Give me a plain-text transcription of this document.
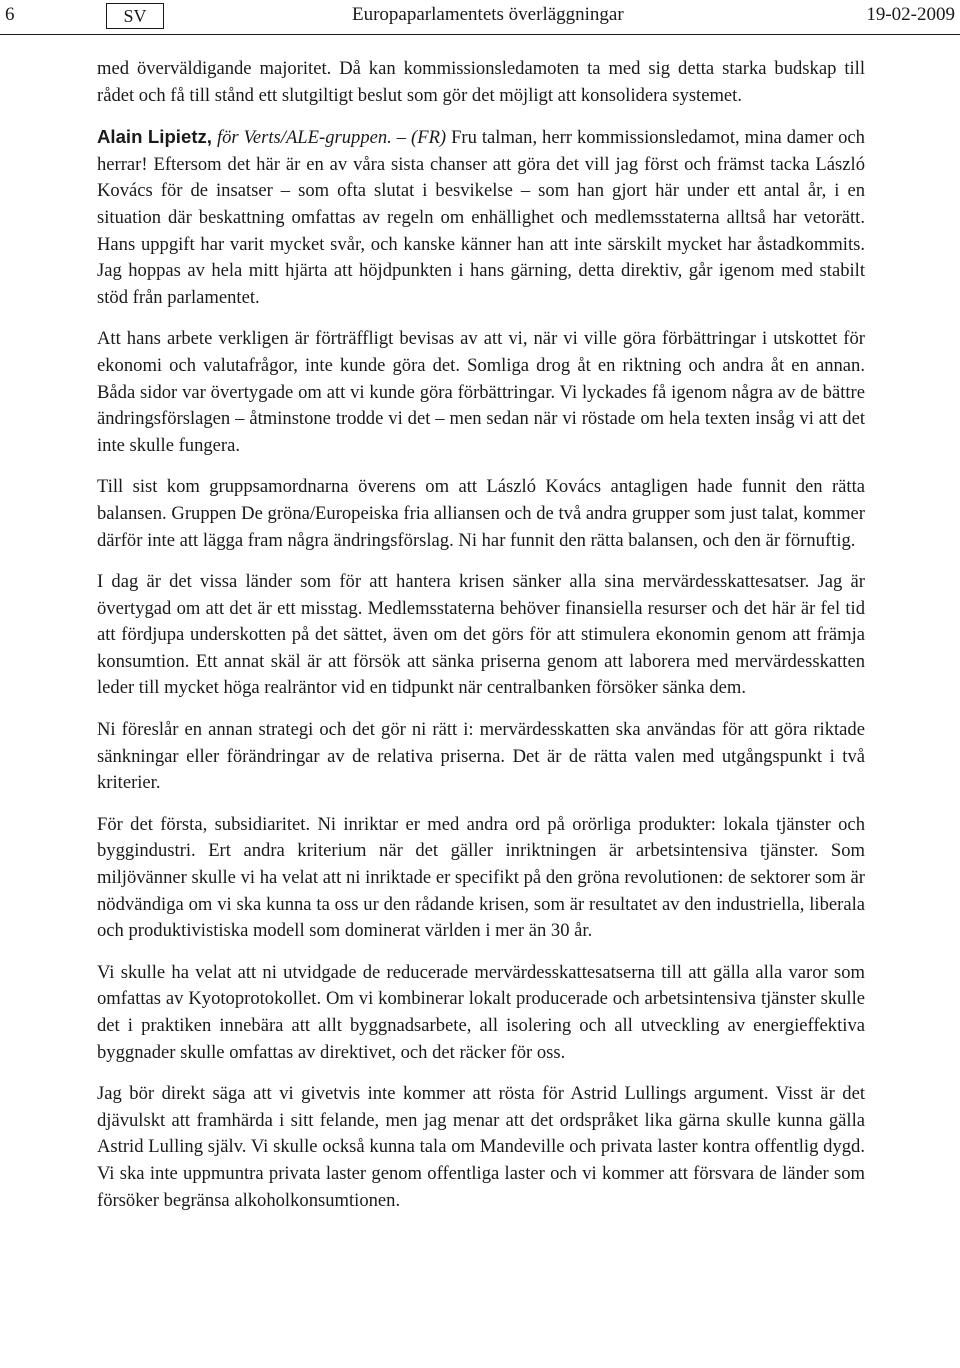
6	SV	Europaparlamentets överläggningar	19-02-2009

med överväldigande majoritet. Då kan kommissionsledamoten ta med sig detta starka budskap till rådet och få till stånd ett slutgiltigt beslut som gör det möjligt att konsolidera systemet.

Alain Lipietz, för Verts/ALE-gruppen. – (FR) Fru talman, herr kommissionsledamot, mina damer och herrar! Eftersom det här är en av våra sista chanser att göra det vill jag först och främst tacka László Kovács för de insatser – som ofta slutat i besvikelse – som han gjort här under ett antal år, i en situation där beskattning omfattas av regeln om enhällighet och medlemsstaterna alltså har vetorätt. Hans uppgift har varit mycket svår, och kanske känner han att inte särskilt mycket har åstadkommits. Jag hoppas av hela mitt hjärta att höjdpunkten i hans gärning, detta direktiv, går igenom med stabilt stöd från parlamentet.

Att hans arbete verkligen är förträffligt bevisas av att vi, när vi ville göra förbättringar i utskottet för ekonomi och valutafrågor, inte kunde göra det. Somliga drog åt en riktning och andra åt en annan. Båda sidor var övertygade om att vi kunde göra förbättringar. Vi lyckades få igenom några av de bättre ändringsförslagen – åtminstone trodde vi det – men sedan när vi röstade om hela texten insåg vi att det inte skulle fungera.

Till sist kom gruppsamordnarna överens om att László Kovács antagligen hade funnit den rätta balansen. Gruppen De gröna/Europeiska fria alliansen och de två andra grupper som just talat, kommer därför inte att lägga fram några ändringsförslag. Ni har funnit den rätta balansen, och den är förnuftig.

I dag är det vissa länder som för att hantera krisen sänker alla sina mervärdesskattesatser. Jag är övertygad om att det är ett misstag. Medlemsstaterna behöver finansiella resurser och det här är fel tid att fördjupa underskotten på det sättet, även om det görs för att stimulera ekonomin genom att främja konsumtion. Ett annat skäl är att försök att sänka priserna genom att laborera med mervärdesskatten leder till mycket höga realräntor vid en tidpunkt när centralbanken försöker sänka dem.

Ni föreslår en annan strategi och det gör ni rätt i: mervärdesskatten ska användas för att göra riktade sänkningar eller förändringar av de relativa priserna. Det är de rätta valen med utgångspunkt i två kriterier.

För det första, subsidiaritet. Ni inriktar er med andra ord på orörliga produkter: lokala tjänster och byggindustri. Ert andra kriterium när det gäller inriktningen är arbetsintensiva tjänster. Som miljövänner skulle vi ha velat att ni inriktade er specifikt på den gröna revolutionen: de sektorer som är nödvändiga om vi ska kunna ta oss ur den rådande krisen, som är resultatet av den industriella, liberala och produktivistiska modell som dominerat världen i mer än 30 år.

Vi skulle ha velat att ni utvidgade de reducerade mervärdesskattesatserna till att gälla alla varor som omfattas av Kyotoprotokollet. Om vi kombinerar lokalt producerade och arbetsintensiva tjänster skulle det i praktiken innebära att allt byggnadsarbete, all isolering och all utveckling av energieffektiva byggnader skulle omfattas av direktivet, och det räcker för oss.

Jag bör direkt säga att vi givetvis inte kommer att rösta för Astrid Lullings argument. Visst är det djävulskt att framhärda i sitt felande, men jag menar att det ordspråket lika gärna skulle kunna gälla Astrid Lulling själv. Vi skulle också kunna tala om Mandeville och privata laster kontra offentlig dygd. Vi ska inte uppmuntra privata laster genom offentliga laster och vi kommer att försvara de länder som försöker begränsa alkoholkonsumtionen.
